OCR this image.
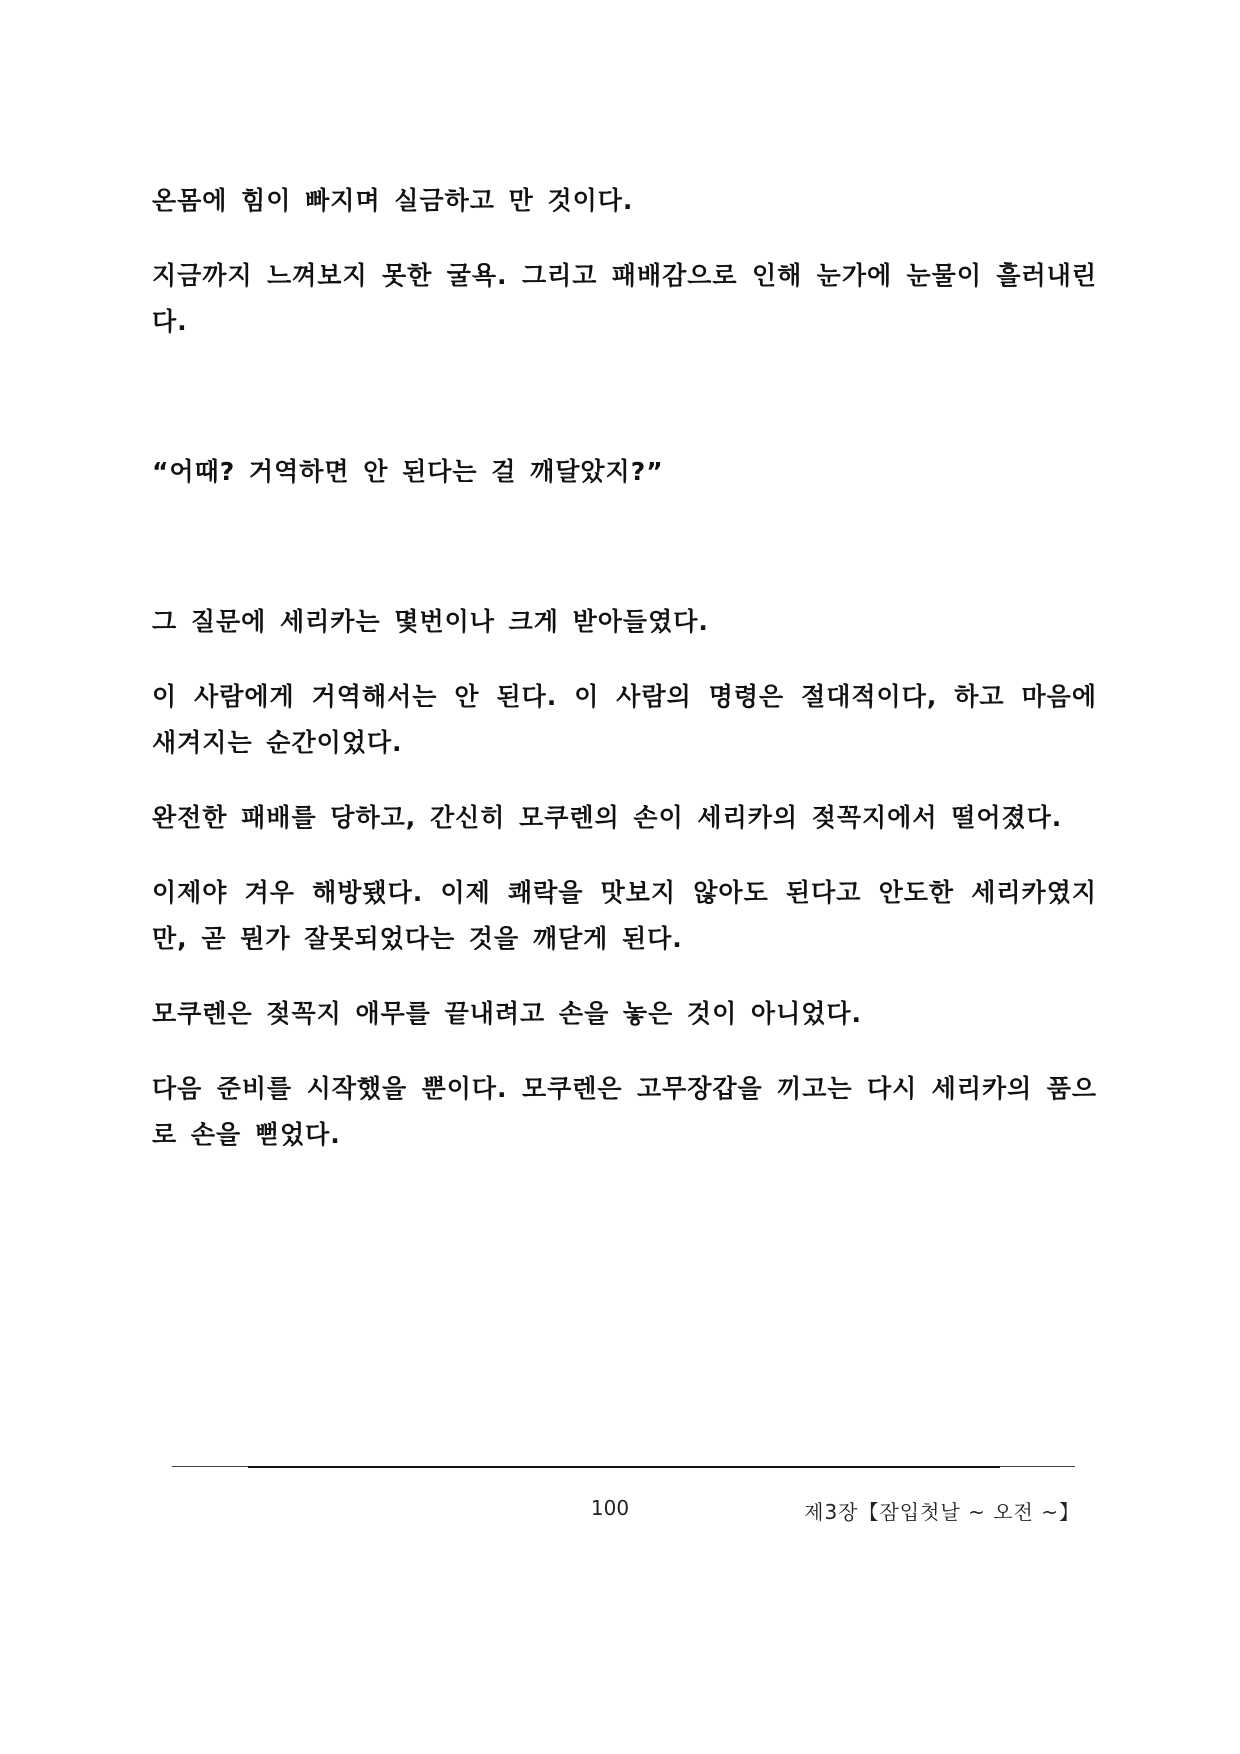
온몸에 힘이 빠지며 실금하고 만 것이다.

지금까지 느껴보지 못한 굴욕. 그리고 패배감으로 인해 눈가에 눈물이 흘러내린다.

“어때? 거역하면 안 된다는 걸 깨달았지?”

그 질문에 세리카는 몇번이나 크게 받아들였다.

이 사람에게 거역해서는 안 된다. 이 사람의 명령은 절대적이다, 하고 마음에 새겨지는 순간이었다.

완전한 패배를 당하고, 간신히 모쿠렌의 손이 세리카의 젖꼭지에서 떨어졌다.

이제야 겨우 해방됐다. 이제 쾌락을 맛보지 않아도 된다고 안도한 세리카였지만, 곧 뭔가 잘못되었다는 것을 깨닫게 된다.

모쿠렌은 젖꼭지 애무를 끝내려고 손을 놓은 것이 아니었다.

다음 준비를 시작했을 뿐이다. 모쿠렌은 고무장갑을 끼고는 다시 세리카의 품으로 손을 뻗었다.

100	제3장【잠입첫날 ~ 오전 ~】
